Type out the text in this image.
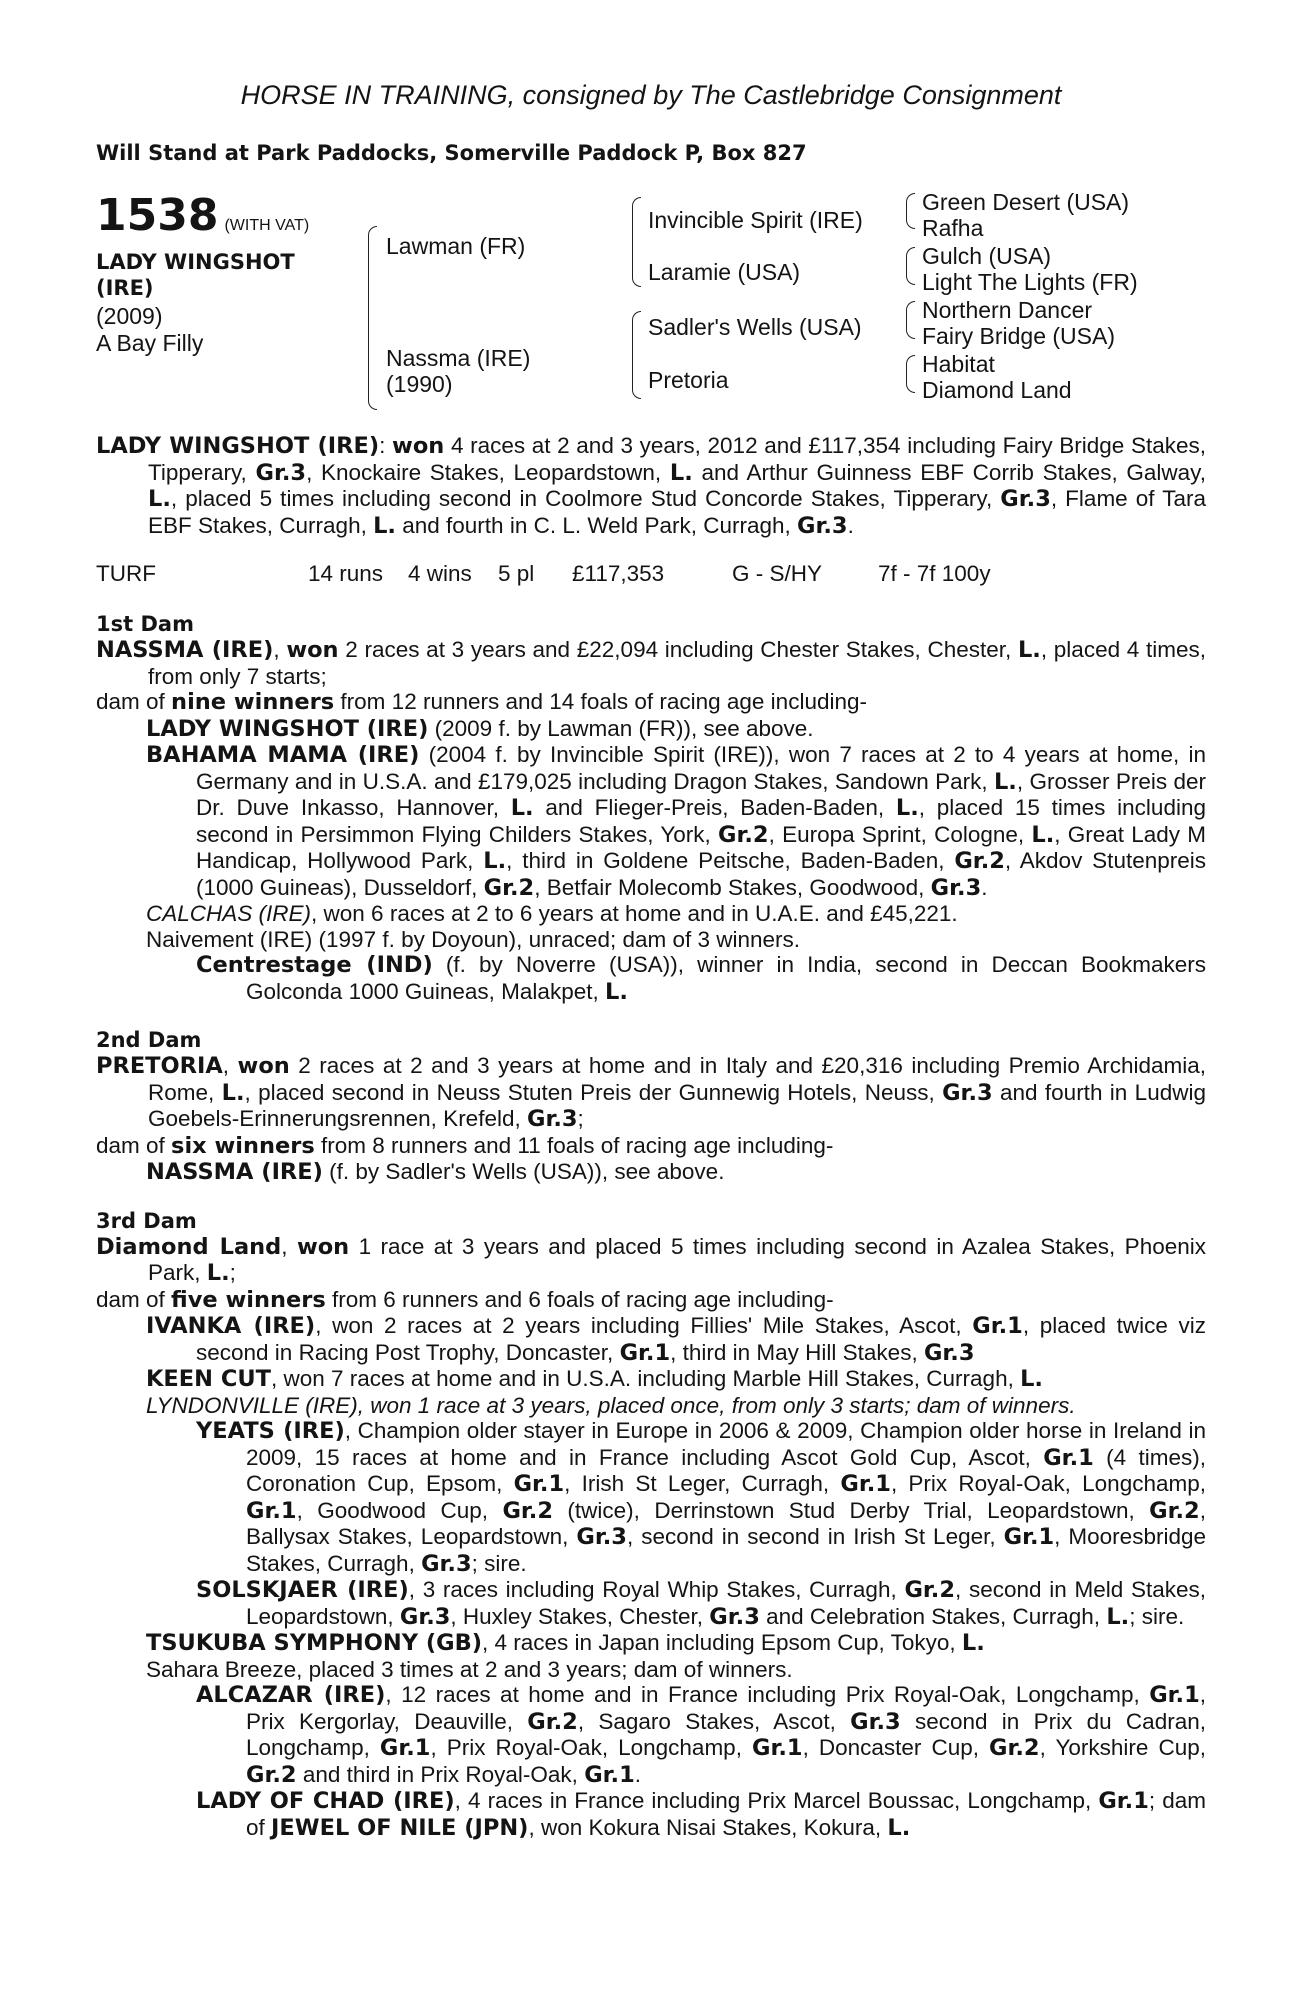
HORSE IN TRAINING, consigned by The Castlebridge Consignment

Will Stand at Park Paddocks, Somerville Paddock P, Box 827

1538 (WITH VAT)
LADY WINGSHOT
(IRE)
(2009)
A Bay Filly
Lawman (FR)
Nassma (IRE)
(1990)
Invincible Spirit (IRE)
Laramie (USA)
Sadler's Wells (USA)
Pretoria
Green Desert (USA)
Rafha
Gulch (USA)
Light The Lights (FR)
Northern Dancer
Fairy Bridge (USA)
Habitat
Diamond Land

LADY WINGSHOT (IRE): won 4 races at 2 and 3 years, 2012 and £117,354 including Fairy Bridge Stakes, Tipperary, Gr.3, Knockaire Stakes, Leopardstown, L. and Arthur Guinness EBF Corrib Stakes, Galway, L., placed 5 times including second in Coolmore Stud Concorde Stakes, Tipperary, Gr.3, Flame of Tara EBF Stakes, Curragh, L. and fourth in C. L. Weld Park, Curragh, Gr.3.

TURF	14 runs 4 wins 5 pl £117,353	G - S/HY 7f - 7f 100y

1st Dam

NASSMA (IRE), won 2 races at 3 years and £22,094 including Chester Stakes, Chester, L., placed 4 times, from only 7 starts;

dam of nine winners from 12 runners and 14 foals of racing age including-

LADY WINGSHOT (IRE) (2009 f. by Lawman (FR)), see above.

BAHAMA MAMA (IRE) (2004 f. by Invincible Spirit (IRE)), won 7 races at 2 to 4 years at home, in Germany and in U.S.A. and £179,025 including Dragon Stakes, Sandown Park, L., Grosser Preis der Dr. Duve Inkasso, Hannover, L. and Flieger-Preis, Baden-Baden, L., placed 15 times including second in Persimmon Flying Childers Stakes, York, Gr.2, Europa Sprint, Cologne, L., Great Lady M Handicap, Hollywood Park, L., third in Goldene Peitsche, Baden-Baden, Gr.2, Akdov Stutenpreis (1000 Guineas), Dusseldorf, Gr.2, Betfair Molecomb Stakes, Goodwood, Gr.3.

CALCHAS (IRE), won 6 races at 2 to 6 years at home and in U.A.E. and £45,221.

Naivement (IRE) (1997 f. by Doyoun), unraced; dam of 3 winners.

Centrestage (IND) (f. by Noverre (USA)), winner in India, second in Deccan Bookmakers Golconda 1000 Guineas, Malakpet, L.

2nd Dam

PRETORIA, won 2 races at 2 and 3 years at home and in Italy and £20,316 including Premio Archidamia, Rome, L., placed second in Neuss Stuten Preis der Gunnewig Hotels, Neuss, Gr.3 and fourth in Ludwig Goebels-Erinnerungsrennen, Krefeld, Gr.3;

dam of six winners from 8 runners and 11 foals of racing age including-

NASSMA (IRE) (f. by Sadler's Wells (USA)), see above.

3rd Dam

Diamond Land, won 1 race at 3 years and placed 5 times including second in Azalea Stakes, Phoenix Park, L.;

dam of five winners from 6 runners and 6 foals of racing age including-

IVANKA (IRE), won 2 races at 2 years including Fillies' Mile Stakes, Ascot, Gr.1, placed twice viz second in Racing Post Trophy, Doncaster, Gr.1, third in May Hill Stakes, Gr.3

KEEN CUT, won 7 races at home and in U.S.A. including Marble Hill Stakes, Curragh, L.

LYNDONVILLE (IRE), won 1 race at 3 years, placed once, from only 3 starts; dam of winners.

YEATS (IRE), Champion older stayer in Europe in 2006 & 2009, Champion older horse in Ireland in 2009, 15 races at home and in France including Ascot Gold Cup, Ascot, Gr.1 (4 times), Coronation Cup, Epsom, Gr.1, Irish St Leger, Curragh, Gr.1, Prix Royal-Oak, Longchamp, Gr.1, Goodwood Cup, Gr.2 (twice), Derrinstown Stud Derby Trial, Leopardstown, Gr.2, Ballysax Stakes, Leopardstown, Gr.3, second in second in Irish St Leger, Gr.1, Mooresbridge Stakes, Curragh, Gr.3; sire.

SOLSKJAER (IRE), 3 races including Royal Whip Stakes, Curragh, Gr.2, second in Meld Stakes, Leopardstown, Gr.3, Huxley Stakes, Chester, Gr.3 and Celebration Stakes, Curragh, L.; sire.

TSUKUBA SYMPHONY (GB), 4 races in Japan including Epsom Cup, Tokyo, L.

Sahara Breeze, placed 3 times at 2 and 3 years; dam of winners.

ALCAZAR (IRE), 12 races at home and in France including Prix Royal-Oak, Longchamp, Gr.1, Prix Kergorlay, Deauville, Gr.2, Sagaro Stakes, Ascot, Gr.3 second in Prix du Cadran, Longchamp, Gr.1, Prix Royal-Oak, Longchamp, Gr.1, Doncaster Cup, Gr.2, Yorkshire Cup, Gr.2 and third in Prix Royal-Oak, Gr.1.

LADY OF CHAD (IRE), 4 races in France including Prix Marcel Boussac, Longchamp, Gr.1; dam of JEWEL OF NILE (JPN), won Kokura Nisai Stakes, Kokura, L.
